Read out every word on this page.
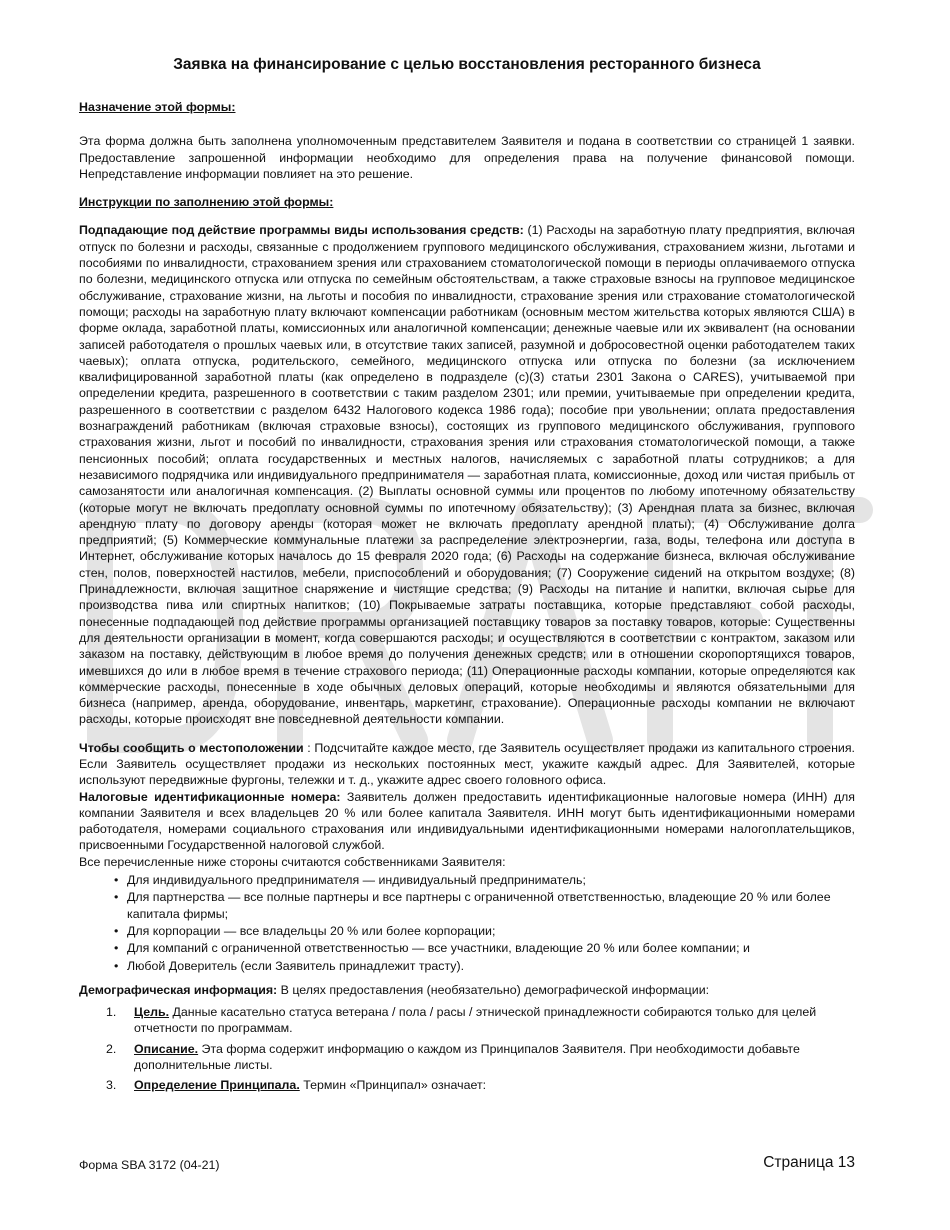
Заявка на финансирование с целью восстановления ресторанного бизнеса

Назначение этой формы:

Эта форма должна быть заполнена уполномоченным представителем Заявителя и подана в соответствии со страницей 1 заявки. Предоставление запрошенной информации необходимо для определения права на получение финансовой помощи. Непредставление информации повлияет на это решение.

Инструкции по заполнению этой формы:

Подпадающие под действие программы виды использования средств: (1) Расходы на заработную плату предприятия, включая отпуск по болезни и расходы, связанные с продолжением группового медицинского обслуживания, страхованием жизни, льготами и пособиями по инвалидности, страхованием зрения или страхованием стоматологической помощи в периоды оплачиваемого отпуска по болезни, медицинского отпуска или отпуска по семейным обстоятельствам, а также страховые взносы на групповое медицинское обслуживание, страхование жизни, на льготы и пособия по инвалидности, страхование зрения или страхование стоматологической помощи; расходы на заработную плату включают компенсации работникам (основным местом жительства которых являются США) в форме оклада, заработной платы, комиссионных или аналогичной компенсации; денежные чаевые или их эквивалент (на основании записей работодателя о прошлых чаевых или, в отсутствие таких записей, разумной и добросовестной оценки работодателем таких чаевых); оплата отпуска, родительского, семейного, медицинского отпуска или отпуска по болезни (за исключением квалифицированной заработной платы (как определено в подразделе (c)(3) статьи 2301 Закона о CARES), учитываемой при определении кредита, разрешенного в соответствии с таким разделом 2301; или премии, учитываемые при определении кредита, разрешенного в соответствии с разделом 6432 Налогового кодекса 1986 года); пособие при увольнении; оплата предоставления вознаграждений работникам (включая страховые взносы), состоящих из группового медицинского обслуживания, группового страхования жизни, льгот и пособий по инвалидности, страхования зрения или страхования стоматологической помощи, а также пенсионных пособий; оплата государственных и местных налогов, начисляемых с заработной платы сотрудников; а для независимого подрядчика или индивидуального предпринимателя — заработная плата, комиссионные, доход или чистая прибыль от самозанятости или аналогичная компенсация. (2) Выплаты основной суммы или процентов по любому ипотечному обязательству (которые могут не включать предоплату основной суммы по ипотечному обязательству); (3) Арендная плата за бизнес, включая арендную плату по договору аренды (которая может не включать предоплату арендной платы); (4) Обслуживание долга предприятий; (5) Коммерческие коммунальные платежи за распределение электроэнергии, газа, воды, телефона или доступа в Интернет, обслуживание которых началось до 15 февраля 2020 года; (6) Расходы на содержание бизнеса, включая обслуживание стен, полов, поверхностей настилов, мебели, приспособлений и оборудования; (7) Сооружение сидений на открытом воздухе; (8) Принадлежности, включая защитное снаряжение и чистящие средства; (9) Расходы на питание и напитки, включая сырье для производства пива или спиртных напитков; (10) Покрываемые затраты поставщика, которые представляют собой расходы, понесенные подпадающей под действие программы организацией поставщику товаров за поставку товаров, которые: Существенны для деятельности организации в момент, когда совершаются расходы; и осуществляются в соответствии с контрактом, заказом или заказом на поставку, действующим в любое время до получения денежных средств; или в отношении скоропортящихся товаров, имевшихся до или в любое время в течение страхового периода; (11) Операционные расходы компании, которые определяются как коммерческие расходы, понесенные в ходе обычных деловых операций, которые необходимы и являются обязательными для бизнеса (например, аренда, оборудование, инвентарь, маркетинг, страхование). Операционные расходы компании не включают расходы, которые происходят вне повседневной деятельности компании.

Чтобы сообщить о местоположении : Подсчитайте каждое место, где Заявитель осуществляет продажи из капитального строения. Если Заявитель осуществляет продажи из нескольких постоянных мест, укажите каждый адрес. Для Заявителей, которые используют передвижные фургоны, тележки и т. д., укажите адрес своего головного офиса.

Налоговые идентификационные номера: Заявитель должен предоставить идентификационные налоговые номера (ИНН) для компании Заявителя и всех владельцев 20 % или более капитала Заявителя. ИНН могут быть идентификационными номерами работодателя, номерами социального страхования или индивидуальными идентификационными номерами налогоплательщиков, присвоенными Государственной налоговой службой.

Все перечисленные ниже стороны считаются собственниками Заявителя:

• Для индивидуального предпринимателя — индивидуальный предприниматель;
• Для партнерства — все полные партнеры и все партнеры с ограниченной ответственностью, владеющие 20 % или более капитала фирмы;
• Для корпорации — все владельцы 20 % или более корпорации;
• Для компаний с ограниченной ответственностью — все участники, владеющие 20 % или более компании; и
• Любой Доверитель (если Заявитель принадлежит трасту).

Демографическая информация: В целях предоставления (необязательно) демографической информации:

1. Цель. Данные касательно статуса ветерана / пола / расы / этнической принадлежности собираются только для целей отчетности по программам.
2. Описание. Эта форма содержит информацию о каждом из Принципалов Заявителя. При необходимости добавьте дополнительные листы.
3. Определение Принципала. Термин «Принципал» означает:
Форма SBA 3172 (04-21)	Страница 13
